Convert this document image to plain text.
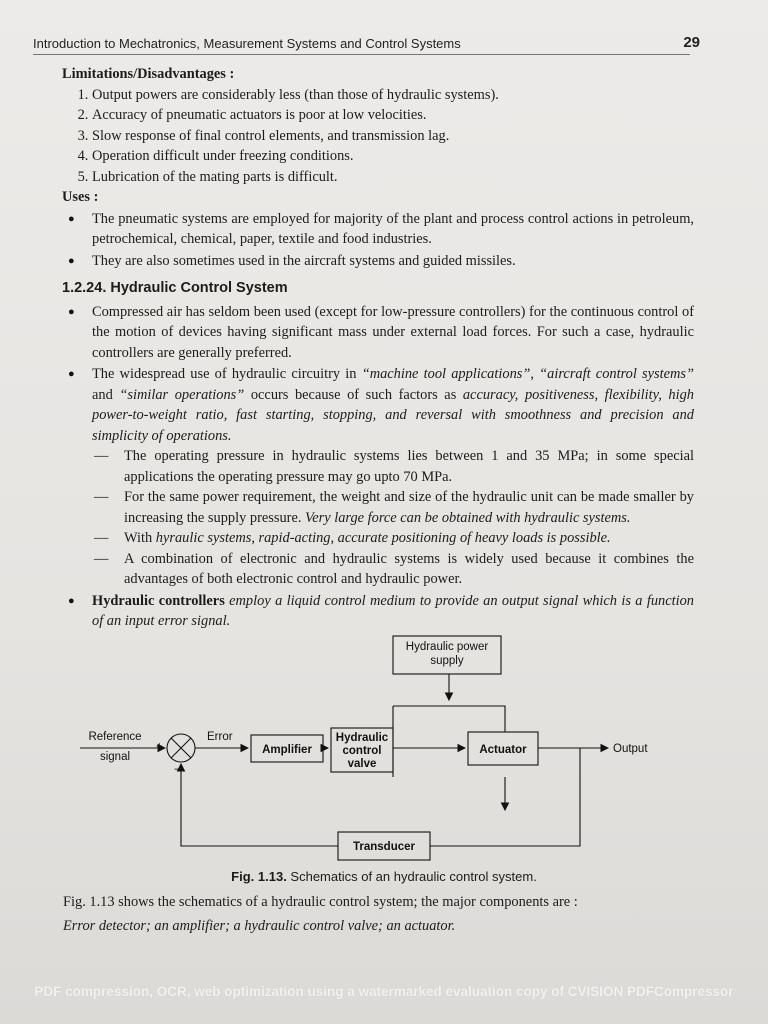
Introduction to Mechatronics, Measurement Systems and Control Systems	29

Limitations/Disadvantages :

1. Output powers are considerably less (than those of hydraulic systems).
2. Accuracy of pneumatic actuators is poor at low velocities.
3. Slow response of final control elements, and transmission lag.
4. Operation difficult under freezing conditions.
5. Lubrication of the mating parts is difficult.

Uses :

● The pneumatic systems are employed for majority of the plant and process control actions in petroleum, petrochemical, chemical, paper, textile and food industries.
● They are also sometimes used in the aircraft systems and guided missiles.
1.2.24. Hydraulic Control System
● Compressed air has seldom been used (except for low-pressure controllers) for the continuous control of the motion of devices having significant mass under external load forces. For such a case, hydraulic controllers are generally preferred.
● The widespread use of hydraulic circuitry in “machine tool applications”, “aircraft control systems” and “similar operations” occurs because of such factors as accuracy, positiveness, flexibility, high power-to-weight ratio, fast starting, stopping, and reversal with smoothness and precision and simplicity of operations.
— The operating pressure in hydraulic systems lies between 1 and 35 MPa; in some special applications the operating pressure may go upto 70 MPa.
— For the same power requirement, the weight and size of the hydraulic unit can be made smaller by increasing the supply pressure. Very large force can be obtained with hydraulic systems.
— With hyraulic systems, rapid-acting, accurate positioning of heavy loads is possible.
— A combination of electronic and hydraulic systems is widely used because it combines the advantages of both electronic control and hydraulic power.
● Hydraulic controllers employ a liquid control medium to provide an output signal which is a function of an input error signal.
Hydraulic power
supply
Reference
signal
Error
+
−
Amplifier
Hydraulic
control
valve
Actuator	Output
Transducer
Fig. 1.13. Schematics of an hydraulic control system.

Fig. 1.13 shows the schematics of a hydraulic control system; the major components are :

Error detector; an amplifier; a hydraulic control valve; an actuator.
PDF compression, OCR, web optimization using a watermarked evaluation copy of CVISION PDFCompressor
